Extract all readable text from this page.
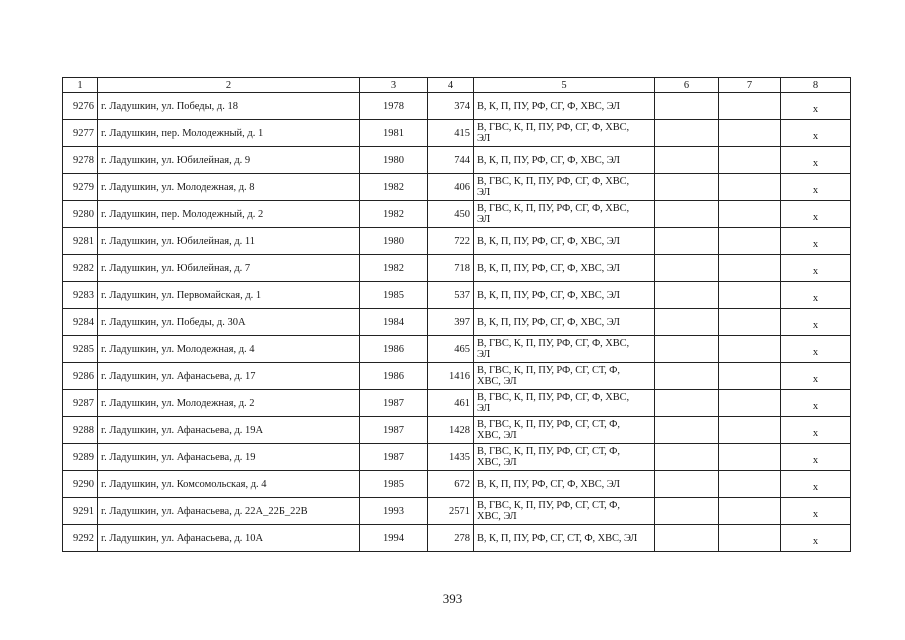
1	2	3	4	5	6	7	8
9276	г. Ладушкин, ул. Победы, д. 18	1978	374	В, К, П, ПУ, РФ, СГ, Ф, ХВС, ЭЛ			x
9277	г. Ладушкин, пер. Молодежный, д. 1	1981	415	В, ГВС, К, П, ПУ, РФ, СГ, Ф, ХВС,
ЭЛ			x
9278	г. Ладушкин, ул. Юбилейная, д. 9	1980	744	В, К, П, ПУ, РФ, СГ, Ф, ХВС, ЭЛ			x
9279	г. Ладушкин, ул. Молодежная, д. 8	1982	406	В, ГВС, К, П, ПУ, РФ, СГ, Ф, ХВС,
ЭЛ			x
9280	г. Ладушкин, пер. Молодежный, д. 2	1982	450	В, ГВС, К, П, ПУ, РФ, СГ, Ф, ХВС,
ЭЛ			x
9281	г. Ладушкин, ул. Юбилейная, д. 11	1980	722	В, К, П, ПУ, РФ, СГ, Ф, ХВС, ЭЛ			x
9282	г. Ладушкин, ул. Юбилейная, д. 7	1982	718	В, К, П, ПУ, РФ, СГ, Ф, ХВС, ЭЛ			x
9283	г. Ладушкин, ул. Первомайская, д. 1	1985	537	В, К, П, ПУ, РФ, СГ, Ф, ХВС, ЭЛ			x
9284	г. Ладушкин, ул. Победы, д. 30А	1984	397	В, К, П, ПУ, РФ, СГ, Ф, ХВС, ЭЛ			x
9285	г. Ладушкин, ул. Молодежная, д. 4	1986	465	В, ГВС, К, П, ПУ, РФ, СГ, Ф, ХВС,
ЭЛ			x
9286	г. Ладушкин, ул. Афанасьева, д. 17	1986	1416	В, ГВС, К, П, ПУ, РФ, СГ, СТ, Ф,
ХВС, ЭЛ			x
9287	г. Ладушкин, ул. Молодежная, д. 2	1987	461	В, ГВС, К, П, ПУ, РФ, СГ, Ф, ХВС,
ЭЛ			x
9288	г. Ладушкин, ул. Афанасьева, д. 19А	1987	1428	В, ГВС, К, П, ПУ, РФ, СГ, СТ, Ф,
ХВС, ЭЛ			x
9289	г. Ладушкин, ул. Афанасьева, д. 19	1987	1435	В, ГВС, К, П, ПУ, РФ, СГ, СТ, Ф,
ХВС, ЭЛ			x
9290	г. Ладушкин, ул. Комсомольская, д. 4	1985	672	В, К, П, ПУ, РФ, СГ, Ф, ХВС, ЭЛ			x
9291	г. Ладушкин, ул. Афанасьева, д. 22А_22Б_22В	1993	2571	В, ГВС, К, П, ПУ, РФ, СГ, СТ, Ф,
ХВС, ЭЛ			x
9292	г. Ладушкин, ул. Афанасьева, д. 10А	1994	278	В, К, П, ПУ, РФ, СГ, СТ, Ф, ХВС, ЭЛ			x
393
